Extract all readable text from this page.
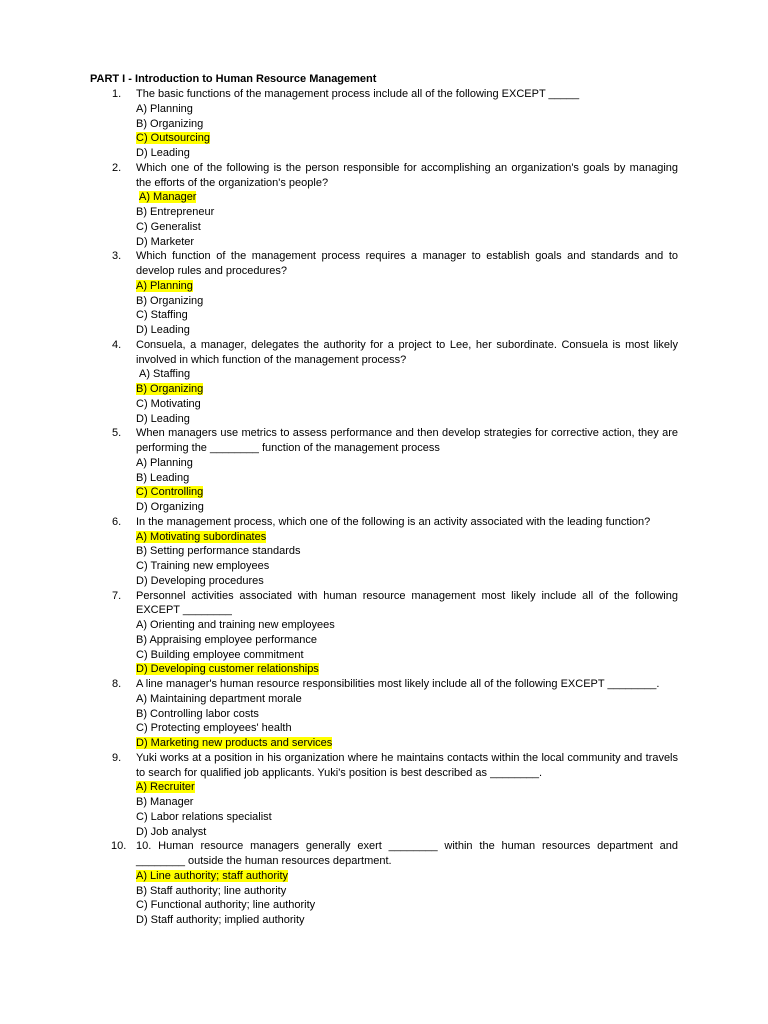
PART I - Introduction to Human Resource Management
1. The basic functions of the management process include all of the following EXCEPT _____
A) Planning
B) Organizing
C) Outsourcing
D) Leading
2. Which one of the following is the person responsible for accomplishing an organization's goals by managing the efforts of the organization's people?
A) Manager
B) Entrepreneur
C) Generalist
D) Marketer
3. Which function of the management process requires a manager to establish goals and standards and to develop rules and procedures?
A) Planning
B) Organizing
C) Staffing
D) Leading
4. Consuela, a manager, delegates the authority for a project to Lee, her subordinate. Consuela is most likely involved in which function of the management process?
A) Staffing
B) Organizing
C) Motivating
D) Leading
5. When managers use metrics to assess performance and then develop strategies for corrective action, they are performing the ________ function of the management process
A) Planning
B) Leading
C) Controlling
D) Organizing
6. In the management process, which one of the following is an activity associated with the leading function?
A) Motivating subordinates
B) Setting performance standards
C) Training new employees
D) Developing procedures
7. Personnel activities associated with human resource management most likely include all of the following EXCEPT ________
A) Orienting and training new employees
B) Appraising employee performance
C) Building employee commitment
D) Developing customer relationships
8. A line manager's human resource responsibilities most likely include all of the following EXCEPT ________.
A) Maintaining department morale
B) Controlling labor costs
C) Protecting employees' health
D) Marketing new products and services
9. Yuki works at a position in his organization where he maintains contacts within the local community and travels to search for qualified job applicants. Yuki's position is best described as ________.
A) Recruiter
B) Manager
C) Labor relations specialist
D) Job analyst
10. 10. Human resource managers generally exert ________ within the human resources department and ________ outside the human resources department.
A) Line authority; staff authority
B) Staff authority; line authority
C) Functional authority; line authority
D) Staff authority; implied authority
